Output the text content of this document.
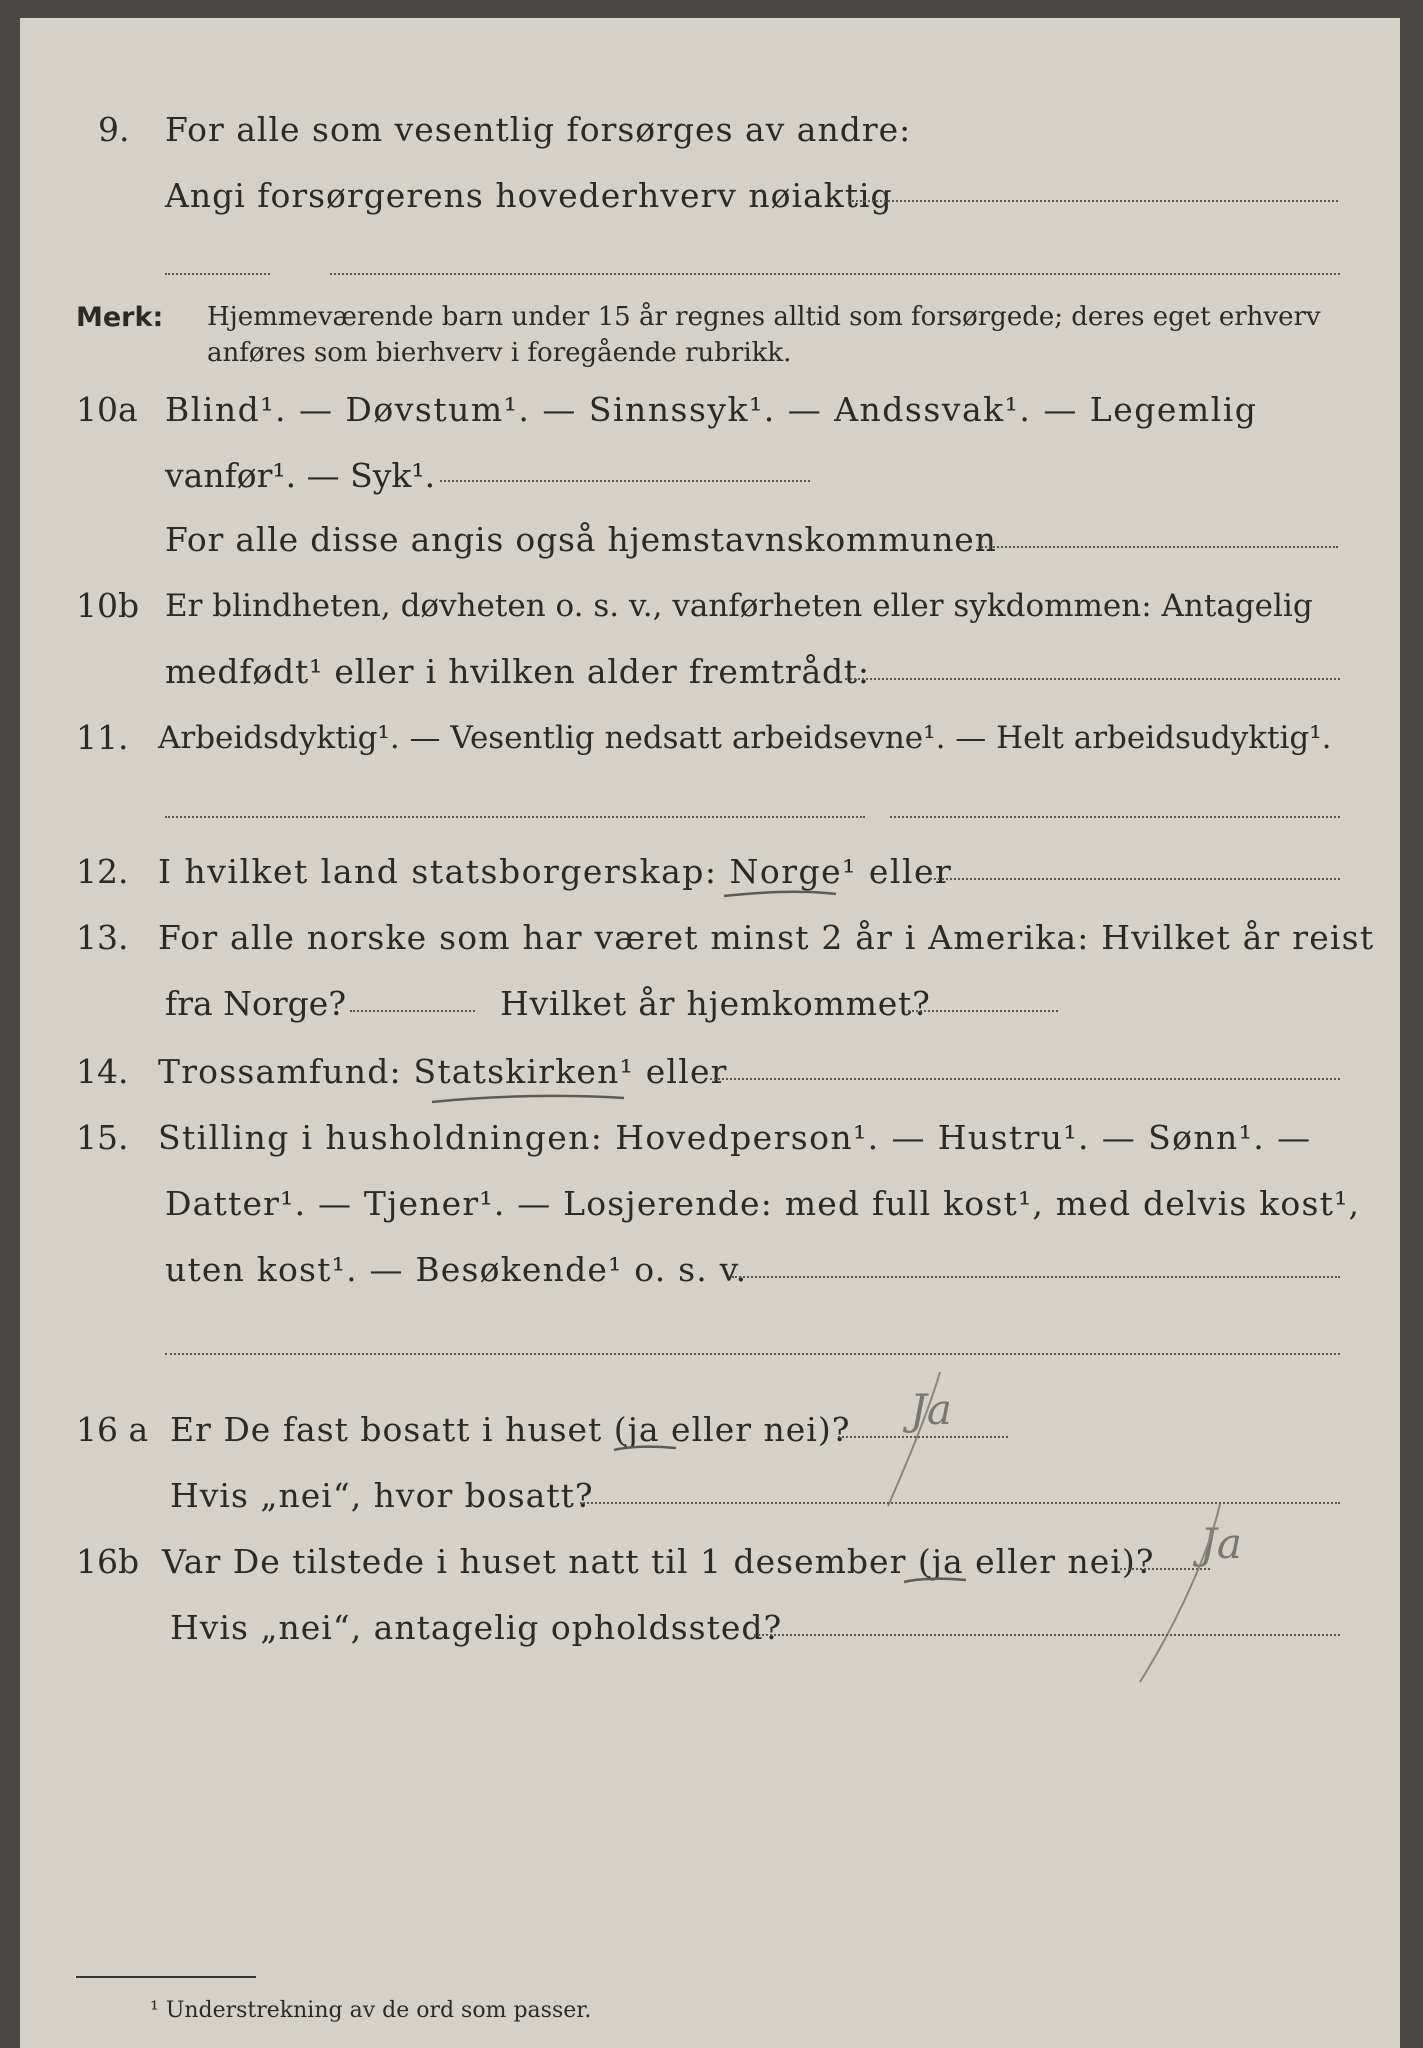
9. For alle som vesentlig forsørges av andre:
Angi forsørgerens hovederhverv nøiaktig
Merk: Hjemmeværende barn under 15 år regnes alltid som forsørgede; deres eget erhverv
anføres som bierhverv i foregående rubrikk.
10a Blind¹. — Døvstum¹. — Sinnssyk¹. — Andssvak¹. — Legemlig
vanfør¹. — Syk¹.
For alle disse angis også hjemstavnskommunen
10b Er blindheten, døvheten o. s. v., vanførheten eller sykdommen: Antagelig
medfødt¹ eller i hvilken alder fremtrådt:
11. Arbeidsdyktig¹. — Vesentlig nedsatt arbeidsevne¹. — Helt arbeidsudyktig¹.
12. I hvilket land statsborgerskap: Norge¹ eller
13. For alle norske som har været minst 2 år i Amerika: Hvilket år reist
fra Norge?	Hvilket år hjemkommet?
14. Trossamfund: Statskirken¹ eller
15. Stilling i husholdningen: Hovedperson¹. — Hustru¹. — Sønn¹. —
Datter¹. — Tjener¹. — Losjerende: med full kost¹, med delvis kost¹,
uten kost¹. — Besøkende¹ o. s. v.
16 a Er De fast bosatt i huset (ja eller nei)? Ja
Hvis „nei“, hvor bosatt?
16b Var De tilstede i huset natt til 1 desember (ja eller nei)? Ja
Hvis „nei“, antagelig opholdssted?
¹ Understrekning av de ord som passer.
